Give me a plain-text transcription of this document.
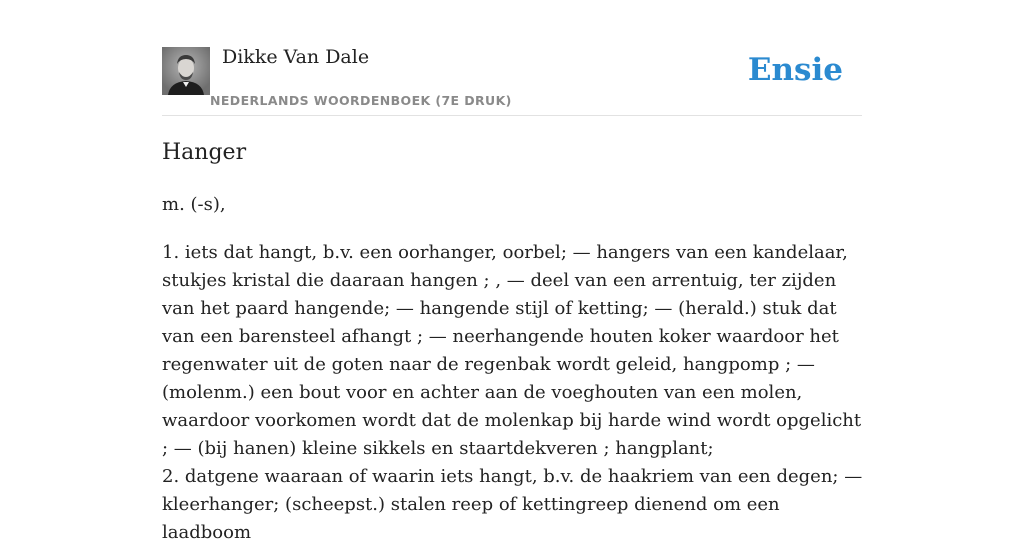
Dikke Van Dale
NEDERLANDS WOORDENBOEK (7E DRUK)
Ensie
Hanger
m. (-s),

1. iets dat hangt, b.v. een oorhanger, oorbel; — hangers van een kandelaar, stukjes kristal die daaraan hangen ; , — deel van een arrentuig, ter zijden van het paard hangende; — hangende stijl of ketting; — (herald.) stuk dat van een barensteel afhangt ; — neerhangende houten koker waardoor het regenwater uit de goten naar de regenbak wordt geleid, hangpomp ; — (molenm.) een bout voor en achter aan de voeghouten van een molen, waardoor voorkomen wordt dat de molenkap bij harde wind wordt opgelicht ; — (bij hanen) kleine sikkels en staartdekveren ; hangplant;

2. datgene waaraan of waarin iets hangt, b.v. de haakriem van een degen; — kleerhanger; (scheepst.) stalen reep of kettingreep dienend om een laadboom
